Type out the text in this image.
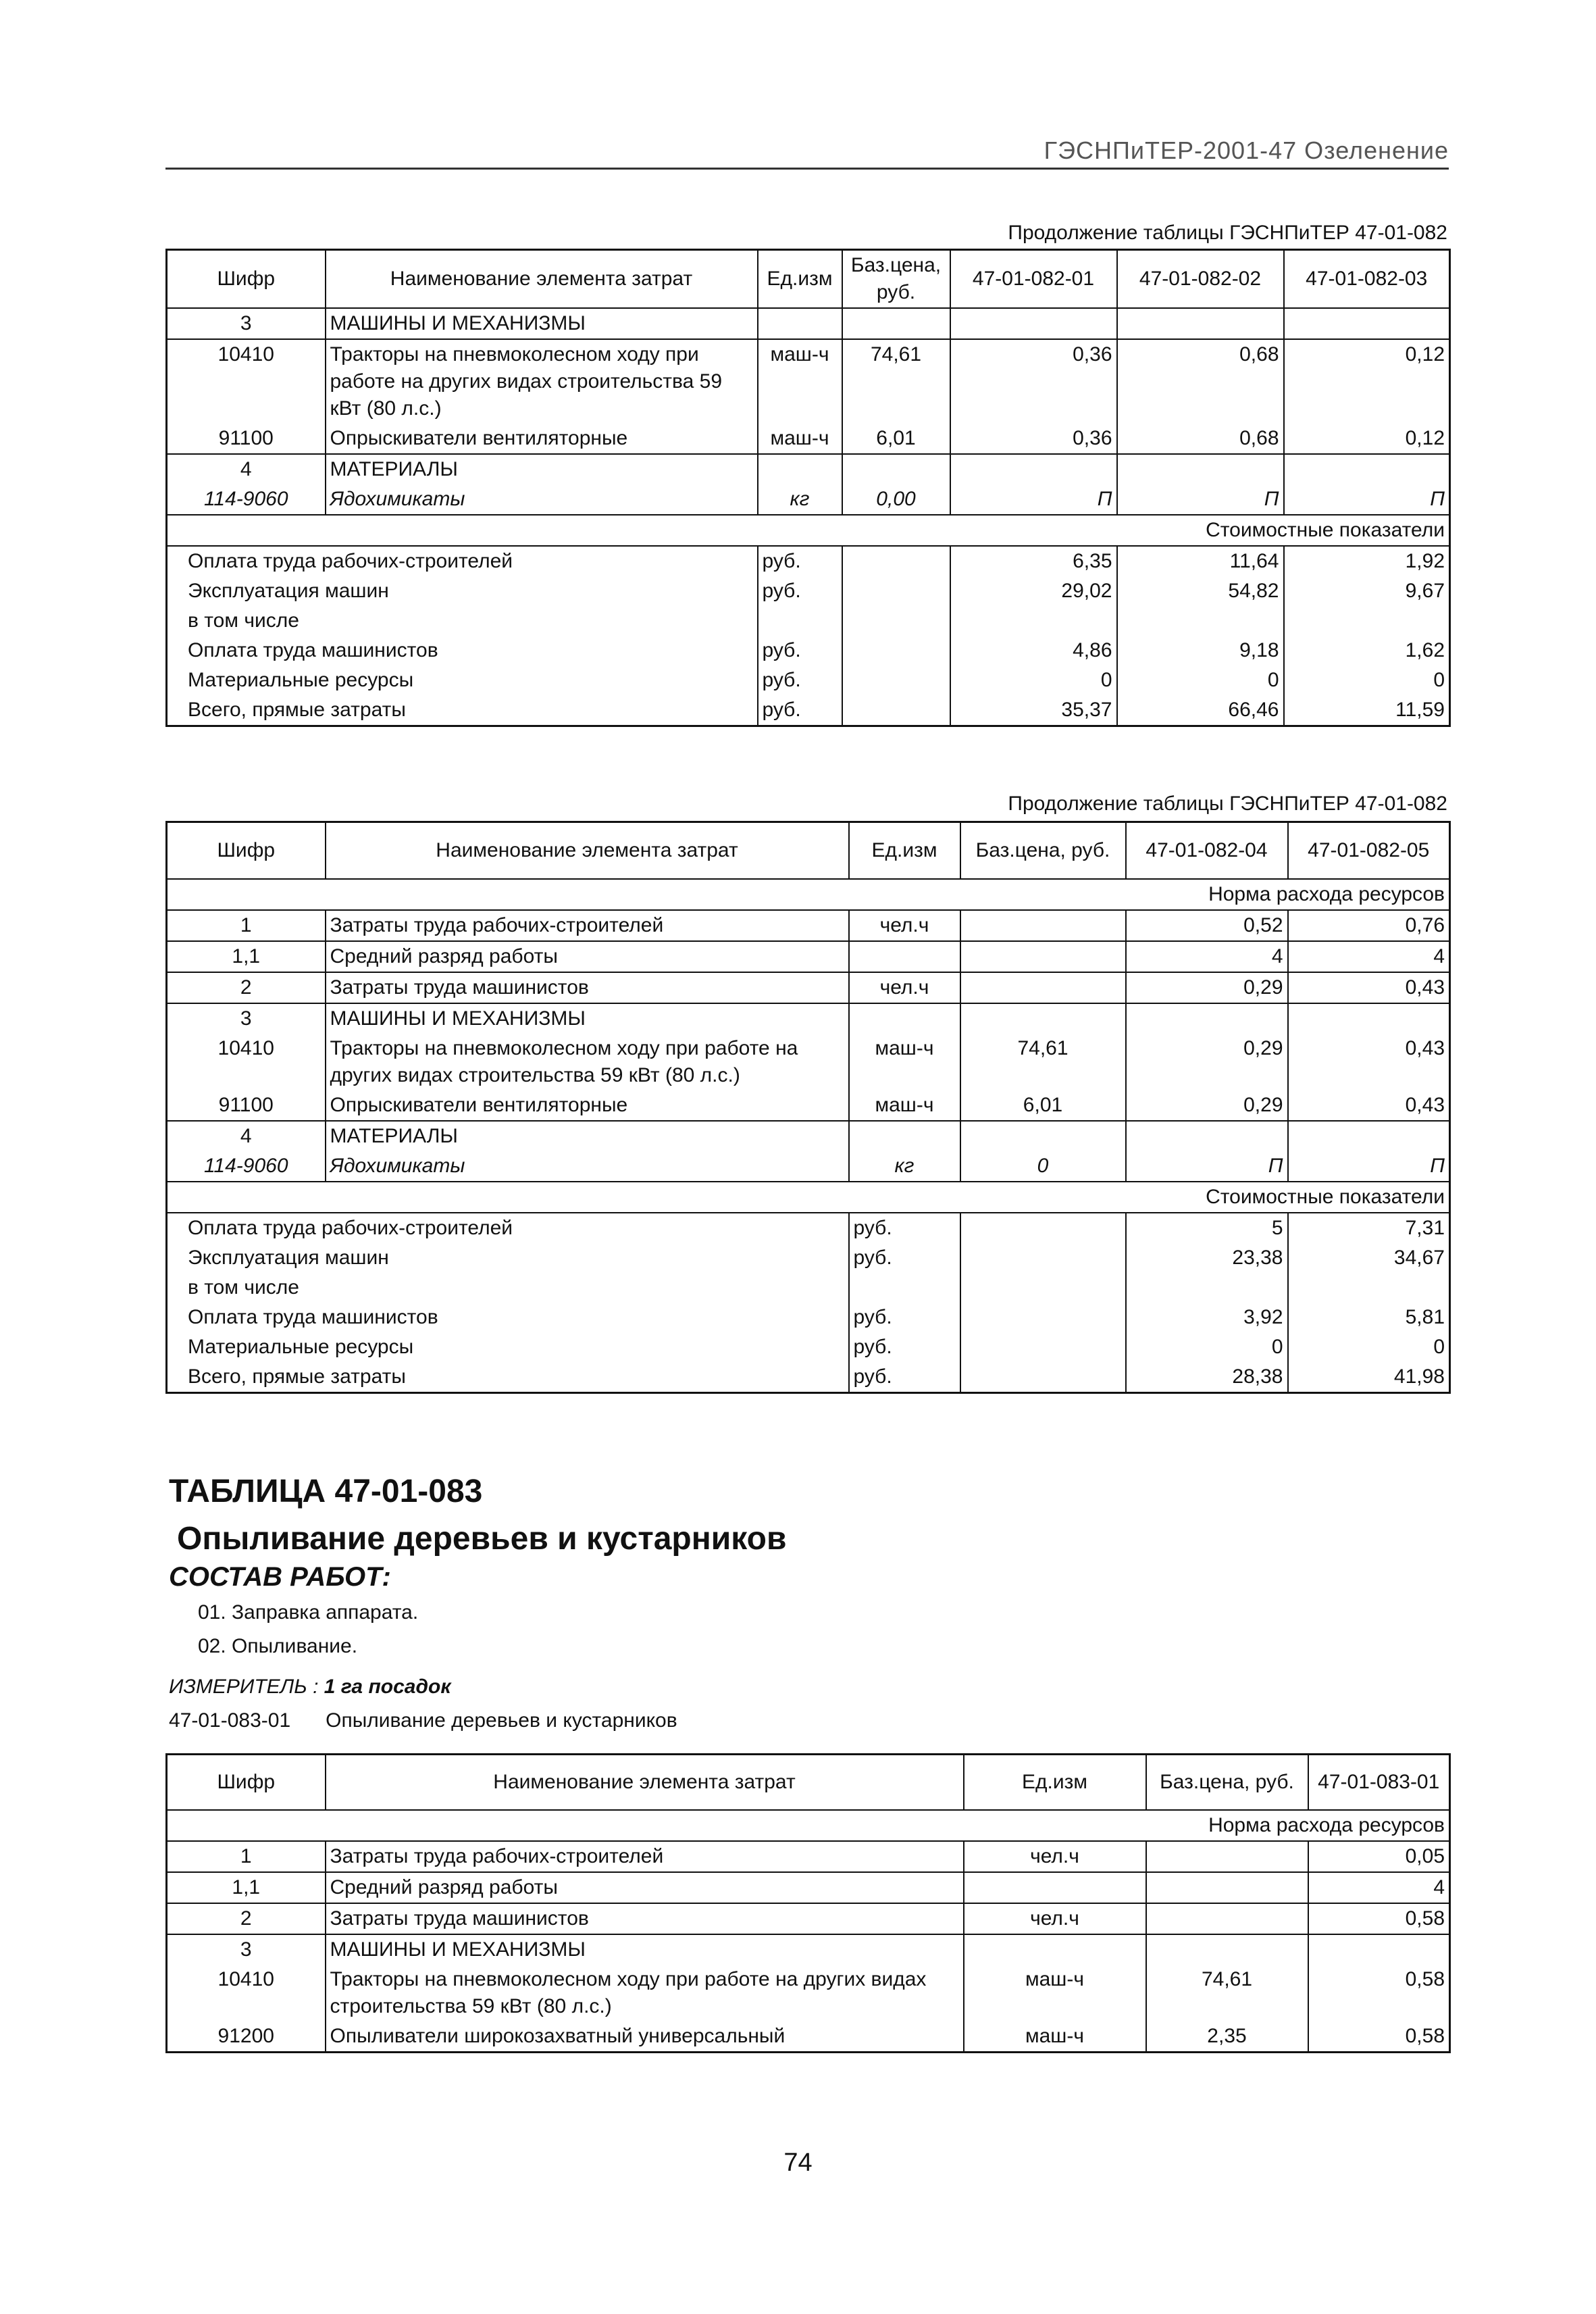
ГЭСНПиТЕР-2001-47 Озеленение
Продолжение таблицы ГЭСНПиТЕР 47-01-082
Шифр	Наименование элемента затрат	Ед.изм	Баз.цена, руб.	47-01-082-01	47-01-082-02	47-01-082-03
3	МАШИНЫ И МЕХАНИЗМЫ					
10410	Тракторы на пневмоколесном ходу при работе на других видах строительства 59 кВт (80 л.с.)	маш-ч	74,61	0,36	0,68	0,12
91100	Опрыскиватели вентиляторные	маш-ч	6,01	0,36	0,68	0,12
4	МАТЕРИАЛЫ					
114-9060	Ядохимикаты	кг	0,00	П	П	П
Стоимостные показатели						
Оплата труда рабочих-строителей		руб.		6,35	11,64	1,92
Эксплуатация машин		руб.		29,02	54,82	9,67
в том числе						
Оплата труда машинистов		руб.		4,86	9,18	1,62
Материальные ресурсы		руб.		0	0	0
Всего, прямые затраты		руб.		35,37	66,46	11,59
Продолжение таблицы ГЭСНПиТЕР 47-01-082
Шифр	Наименование элемента затрат	Ед.изм	Баз.цена, руб.	47-01-082-04	47-01-082-05
Норма расхода ресурсов					
1	Затраты труда рабочих-строителей	чел.ч		0,52	0,76
1,1	Средний разряд работы			4	4
2	Затраты труда машинистов	чел.ч		0,29	0,43
3	МАШИНЫ И МЕХАНИЗМЫ				
10410	Тракторы на пневмоколесном ходу при работе на других видах строительства 59 кВт (80 л.с.)	маш-ч	74,61	0,29	0,43
91100	Опрыскиватели вентиляторные	маш-ч	6,01	0,29	0,43
4	МАТЕРИАЛЫ				
114-9060	Ядохимикаты	кг	0	П	П
Стоимостные показатели					
Оплата труда рабочих-строителей		руб.		5	7,31
Эксплуатация машин		руб.		23,38	34,67
в том числе					
Оплата труда машинистов		руб.		3,92	5,81
Материальные ресурсы		руб.		0	0
Всего, прямые затраты		руб.		28,38	41,98
ТАБЛИЦА 47-01-083
Опыливание деревьев и кустарников
СОСТАВ РАБОТ:
01. Заправка аппарата.
02. Опыливание.
ИЗМЕРИТЕЛЬ : 1 га посадок
47-01-083-01 Опыливание деревьев и кустарников
Шифр	Наименование элемента затрат	Ед.изм	Баз.цена, руб.	47-01-083-01
Норма расхода ресурсов				
1	Затраты труда рабочих-строителей	чел.ч		0,05
1,1	Средний разряд работы			4
2	Затраты труда машинистов	чел.ч		0,58
3	МАШИНЫ И МЕХАНИЗМЫ			
10410	Тракторы на пневмоколесном ходу при работе на других видах строительства 59 кВт (80 л.с.)	маш-ч	74,61	0,58
91200	Опыливатели широкозахватный универсальный	маш-ч	2,35	0,58
74
